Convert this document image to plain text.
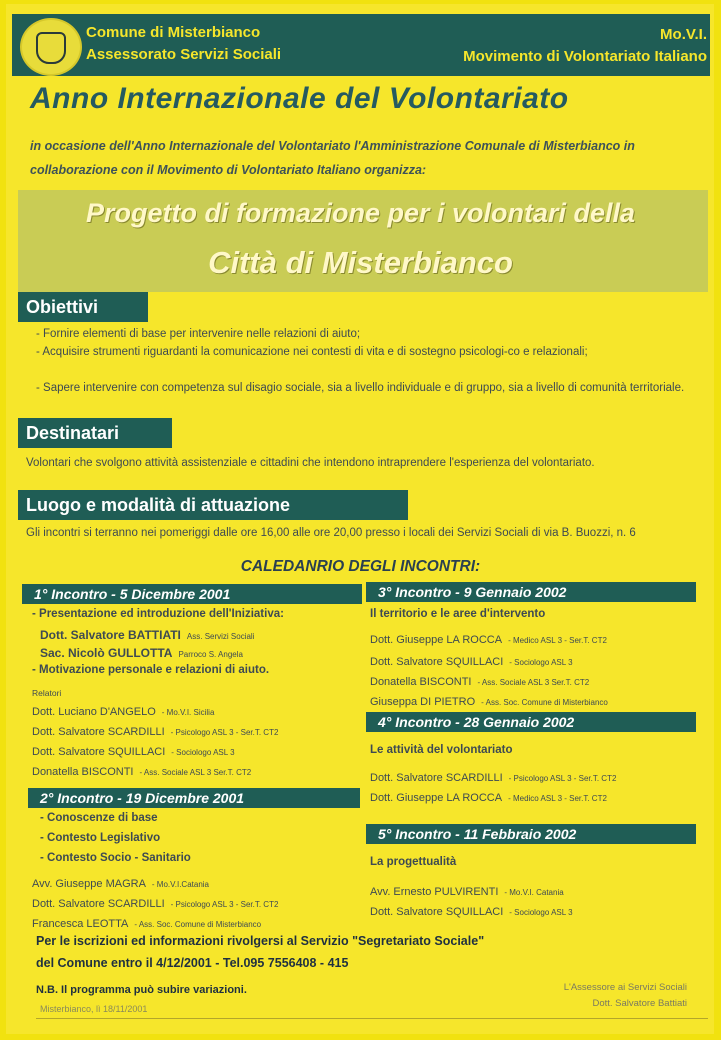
Comune di Misterbianco
Assessorato Servizi Sociali
Mo.V.I.
Movimento di Volontariato Italiano
Anno Internazionale del Volontariato
in occasione dell'Anno Internazionale del Volontariato l'Amministrazione Comunale di Misterbianco in collaborazione con il Movimento di Volontariato Italiano organizza:
Progetto di formazione per i volontari della
Città di Misterbianco
Obiettivi
- Fornire elementi di base per intervenire nelle relazioni di aiuto;
- Acquisire strumenti riguardanti la comunicazione nei contesti di vita e di sostegno psicologi-co e relazionali;
- Sapere intervenire con competenza sul disagio sociale, sia a livello individuale e di gruppo, sia a livello di comunità territoriale.
Destinatari
Volontari che svolgono attività assistenziale e cittadini che intendono intraprendere l'esperienza del volontariato.
Luogo e modalità di attuazione
Gli incontri si terranno nei pomeriggi dalle ore 16,00 alle ore 20,00 presso i locali dei Servizi Sociali di via B. Buozzi, n. 6
CALEDANRIO DEGLI INCONTRI:
1° Incontro - 5 Dicembre 2001
- Presentazione ed introduzione dell'Iniziativa:
Dott. Salvatore BATTIATI Ass. Servizi Sociali
Sac. Nicolò GULLOTTA Parroco S. Angela
- Motivazione personale e relazioni di aiuto.
Relatori
Dott. Luciano D'ANGELO - Mo.V.I. Sicilia
Dott. Salvatore SCARDILLI - Psicologo ASL 3 - Ser.T. CT2
Dott. Salvatore SQUILLACI - Sociologo ASL 3
Donatella BISCONTI - Ass. Sociale ASL 3 Ser.T. CT2
2° Incontro - 19 Dicembre 2001
- Conoscenze di base
- Contesto Legislativo
- Contesto Socio - Sanitario
Avv. Giuseppe MAGRA - Mo.V.I.Catania
Dott. Salvatore SCARDILLI - Psicologo ASL 3 - Ser.T. CT2
Francesca LEOTTA - Ass. Soc. Comune di Misterbianco
3° Incontro - 9 Gennaio 2002
Il territorio e le aree d'intervento
Dott. Giuseppe LA ROCCA - Medico ASL 3 - Ser.T. CT2
Dott. Salvatore SQUILLACI - Sociologo ASL 3
Donatella BISCONTI - Ass. Sociale ASL 3 Ser.T. CT2
Giuseppa DI PIETRO - Ass. Soc. Comune di Misterbianco
4° Incontro - 28 Gennaio 2002
Le attività del volontariato
Dott. Salvatore SCARDILLI - Psicologo ASL 3 - Ser.T. CT2
Dott. Giuseppe LA ROCCA - Medico ASL 3 - Ser.T. CT2
5° Incontro - 11 Febbraio 2002
La progettualità
Avv. Ernesto PULVIRENTI - Mo.V.I. Catania
Dott. Salvatore SQUILLACI - Sociologo ASL 3
Per le iscrizioni ed informazioni rivolgersi al Servizio "Segretariato Sociale"
del Comune entro il 4/12/2001 - Tel.095 7556408 - 415
N.B. Il programma può subire variazioni.
Misterbianco, lì 18/11/2001
L'Assessore ai Servizi Sociali
Dott. Salvatore Battiati
